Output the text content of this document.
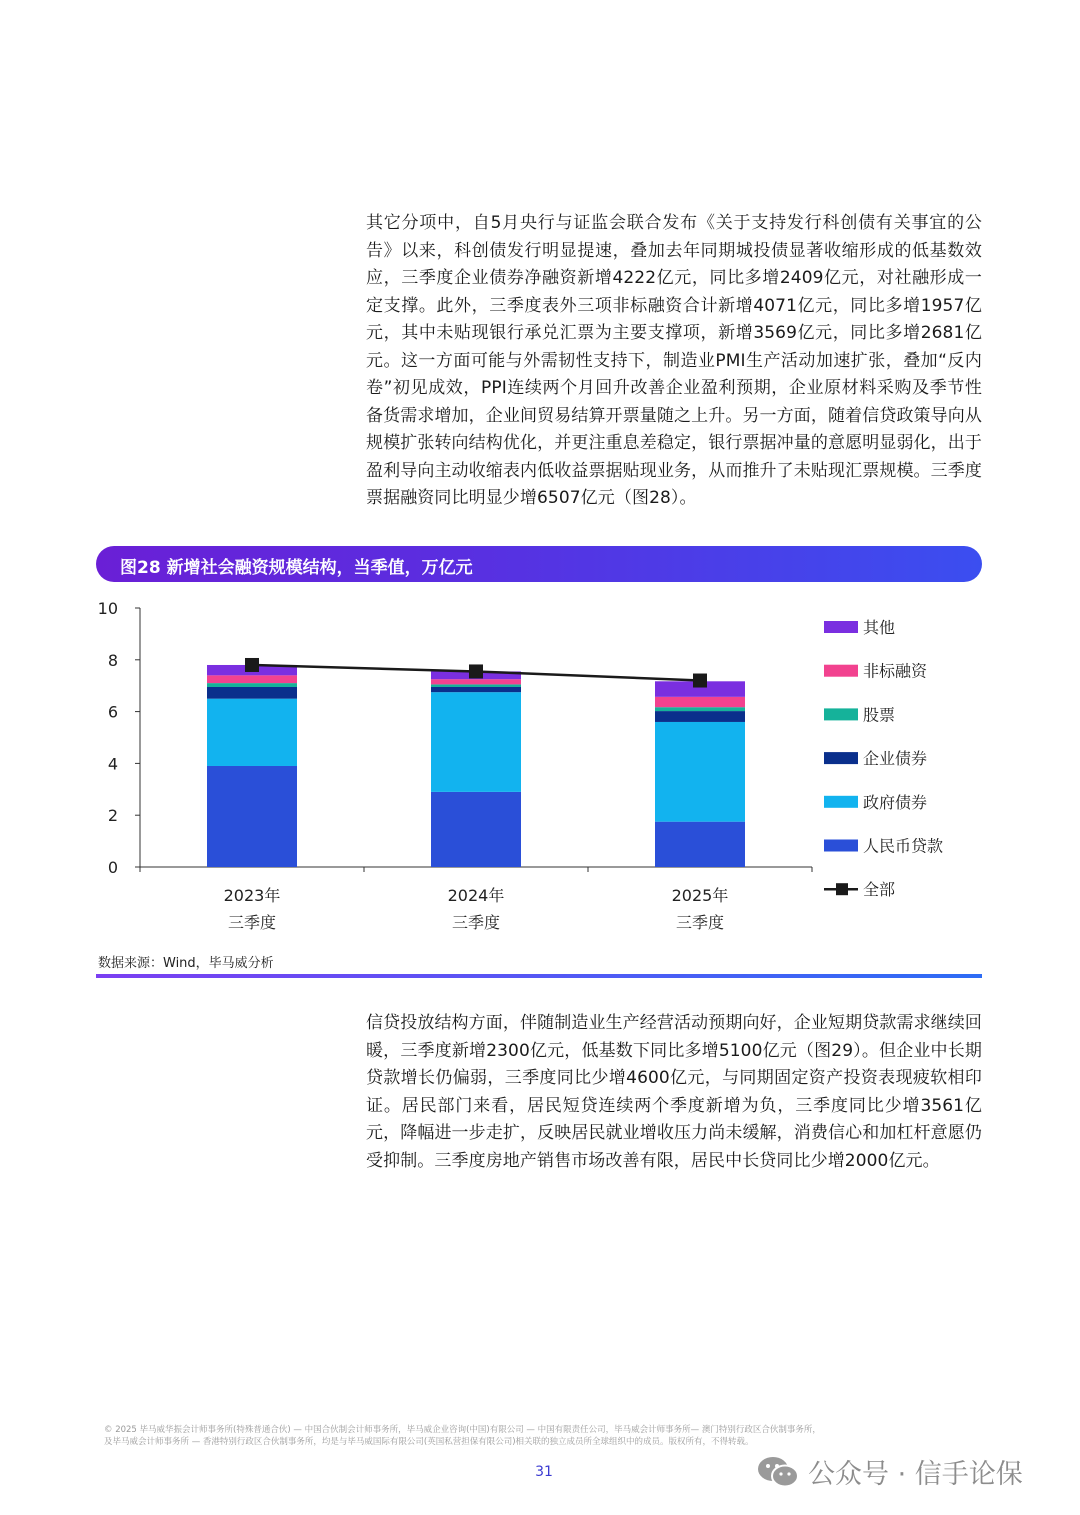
其它分项中，自5月央行与证监会联合发布《关于支持发行科创债有关事宜的公告》以来，科创债发行明显提速，叠加去年同期城投债显著收缩形成的低基数效应，三季度企业债券净融资新增4222亿元，同比多增2409亿元，对社融形成一定支撑。此外，三季度表外三项非标融资合计新增4071亿元，同比多增1957亿元，其中未贴现银行承兑汇票为主要支撑项，新增3569亿元，同比多增2681亿元。这一方面可能与外需韧性支持下，制造业PMI生产活动加速扩张，叠加“反内卷”初见成效，PPI连续两个月回升改善企业盈利预期，企业原材料采购及季节性备货需求增加，企业间贸易结算开票量随之上升。另一方面，随着信贷政策导向从规模扩张转向结构优化，并更注重息差稳定，银行票据冲量的意愿明显弱化，出于盈利导向主动收缩表内低收益票据贴现业务，从而推升了未贴现汇票规模。三季度票据融资同比明显少增6507亿元（图28）。

图28 新增社会融资规模结构，当季值，万亿元
0
2
4
6
8
10
2023年
三季度
2024年
三季度
2025年
三季度
其他
非标融资
股票
企业债券
政府债券
人民币贷款
全部
数据来源：Wind，毕马威分析

信贷投放结构方面，伴随制造业生产经营活动预期向好，企业短期贷款需求继续回暖，三季度新增2300亿元，低基数下同比多增5100亿元（图29）。但企业中长期贷款增长仍偏弱，三季度同比少增4600亿元，与同期固定资产投资表现疲软相印证。居民部门来看，居民短贷连续两个季度新增为负，三季度同比少增3561亿元，降幅进一步走扩，反映居民就业增收压力尚未缓解，消费信心和加杠杆意愿仍受抑制。三季度房地产销售市场改善有限，居民中长贷同比少增2000亿元。

© 2025 毕马威华振会计师事务所(特殊普通合伙) — 中国合伙制会计师事务所，毕马威企业咨询(中国)有限公司 — 中国有限责任公司，毕马威会计师事务所— 澳门特别行政区合伙制事务所，
及毕马威会计师事务所 — 香港特别行政区合伙制事务所，均是与毕马威国际有限公司(英国私营担保有限公司)相关联的独立成员所全球组织中的成员。版权所有，不得转载。
31	公众号 · 信手论保
